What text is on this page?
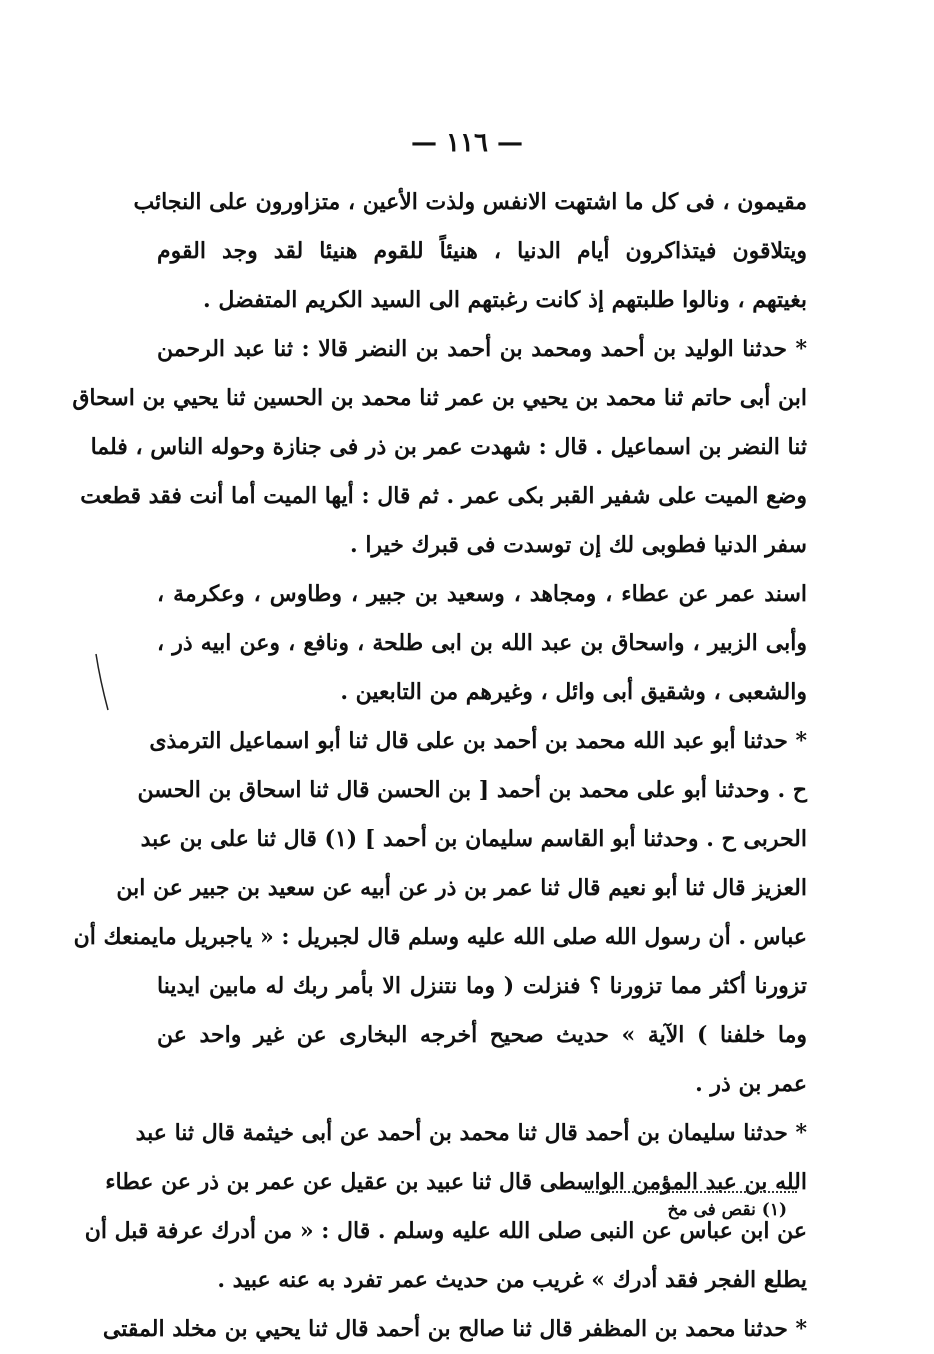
— ١١٦ —
مقيمون ، فى كل ما اشتهت الانفس ولذت الأعين ، متزاورون على النجائب
ويتلاقون فيتذاكرون أيام الدنيا ، هنيئاً للقوم هنيئا لقد وجد القوم
بغيتهم ، ونالوا طلبتهم إذ كانت رغبتهم الى السيد الكريم المتفضل .
* حدثنا الوليد بن أحمد ومحمد بن أحمد بن النضر قالا : ثنا عبد الرحمن
ابن أبى حاتم ثنا محمد بن يحيي بن عمر ثنا محمد بن الحسين ثنا يحيي بن اسحاق
ثنا النضر بن اسماعيل . قال : شهدت عمر بن ذر فى جنازة وحوله الناس ، فلما
وضع الميت على شفير القبر بكى عمر . ثم قال : أيها الميت أما أنت فقد قطعت
سفر الدنيا فطوبى لك إن توسدت فى قبرك خيرا .
اسند عمر عن عطاء ، ومجاهد ، وسعيد بن جبير ، وطاوس ، وعكرمة ،
وأبى الزبير ، واسحاق بن عبد الله بن ابى طلحة ، ونافع ، وعن ابيه ذر ،
والشعبى ، وشقيق أبى وائل ، وغيرهم من التابعين .
* حدثنا أبو عبد الله محمد بن أحمد بن على قال ثنا أبو اسماعيل الترمذى
ح . وحدثنا أبو على محمد بن أحمد [ بن الحسن قال ثنا اسحاق بن الحسن
الحربى ح . وحدثنا أبو القاسم سليمان بن أحمد ] (١) قال ثنا على بن عبد
العزيز قال ثنا أبو نعيم قال ثنا عمر بن ذر عن أبيه عن سعيد بن جبير عن ابن
عباس . أن رسول الله صلى الله عليه وسلم قال لجبريل : « ياجبريل مايمنعك أن
تزورنا أكثر مما تزورنا ؟ فنزلت ( وما نتنزل الا بأمر ربك له مابين ايدينا
وما خلفنا ) الآية » حديث صحيح أخرجه البخارى عن غير واحد عن
عمر بن ذر .
* حدثنا سليمان بن أحمد قال ثنا محمد بن أحمد عن أبى خيثمة قال ثنا عبد
الله بن عبد المؤمن الواسطى قال ثنا عبيد بن عقيل عن عمر بن ذر عن عطاء
عن ابن عباس عن النبى صلى الله عليه وسلم . قال : « من أدرك عرفة قبل أن
يطلع الفجر فقد أدرك » غريب من حديث عمر تفرد به عنه عبيد .
* حدثنا محمد بن المظفر قال ثنا صالح بن أحمد قال ثنا يحيي بن مخلد المقتى
(١) نقص فى مخ
